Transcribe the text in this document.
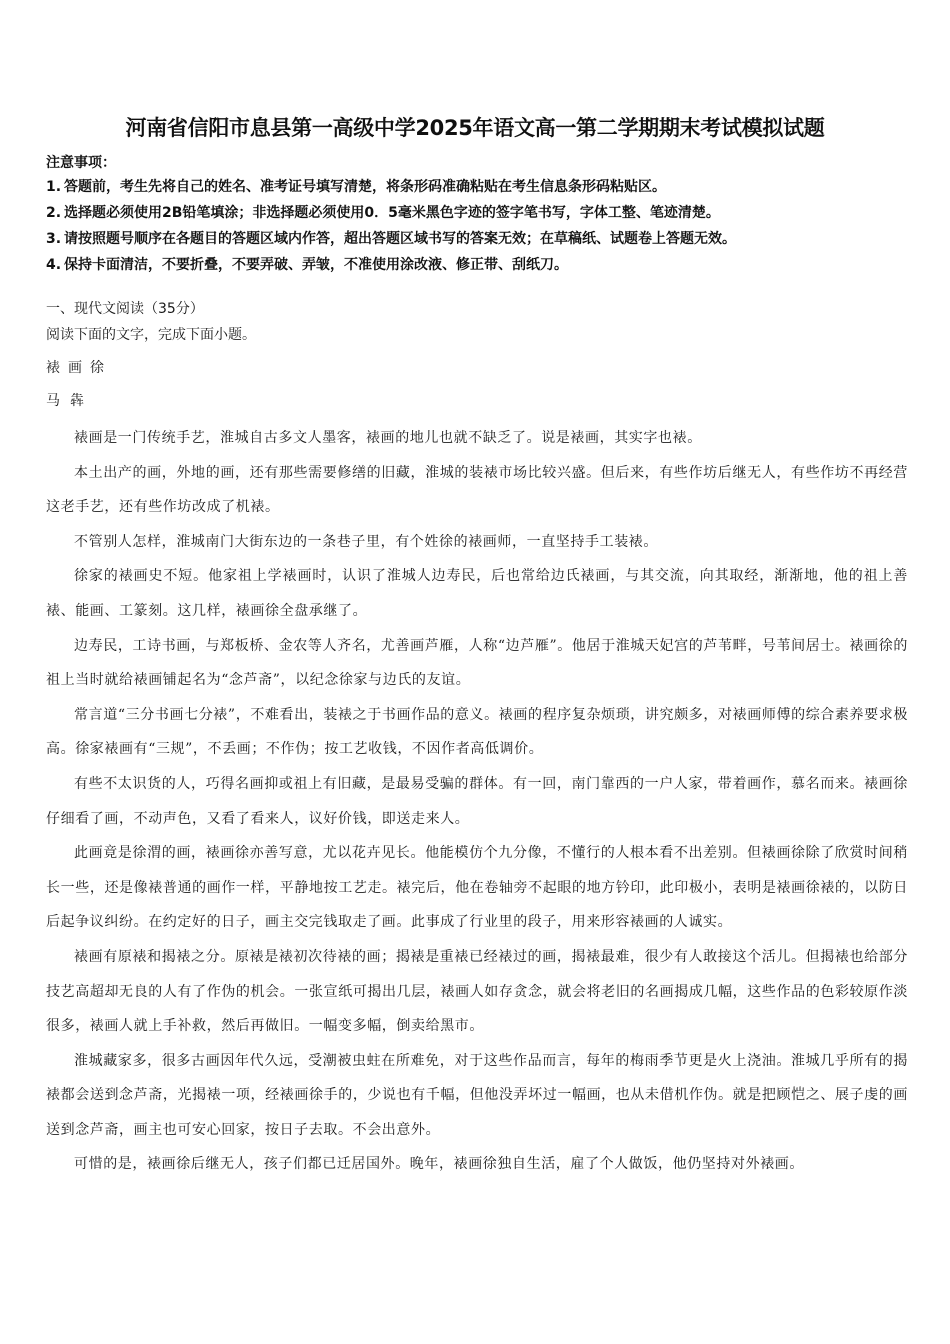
河南省信阳市息县第一高级中学2025年语文高一第二学期期末考试模拟试题
注意事项：
1. 答题前，考生先将自己的姓名、准考证号填写清楚，将条形码准确粘贴在考生信息条形码粘贴区。
2. 选择题必须使用2B铅笔填涂；非选择题必须使用0．5毫米黑色字迹的签字笔书写，字体工整、笔迹清楚。
3. 请按照题号顺序在各题目的答题区域内作答，超出答题区域书写的答案无效；在草稿纸、试题卷上答题无效。
4. 保持卡面清洁，不要折叠，不要弄破、弄皱，不准使用涂改液、修正带、刮纸刀。
一、现代文阅读（35分）
阅读下面的文字，完成下面小题。
裱画徐
马犇

裱画是一门传统手艺，淮城自古多文人墨客，裱画的地儿也就不缺乏了。说是裱画，其实字也裱。

本土出产的画，外地的画，还有那些需要修缮的旧藏，淮城的装裱市场比较兴盛。但后来，有些作坊后继无人，有些作坊不再经营这老手艺，还有些作坊改成了机裱。

不管别人怎样，淮城南门大街东边的一条巷子里，有个姓徐的裱画师，一直坚持手工装裱。

徐家的裱画史不短。他家祖上学裱画时，认识了淮城人边寿民，后也常给边氏裱画，与其交流，向其取经，渐渐地，他的祖上善裱、能画、工篆刻。这几样，裱画徐全盘承继了。

边寿民，工诗书画，与郑板桥、金农等人齐名，尤善画芦雁，人称“边芦雁”。他居于淮城天妃宫的芦苇畔，号苇间居士。裱画徐的祖上当时就给裱画铺起名为“念芦斋”，以纪念徐家与边氏的友谊。

常言道“三分书画七分裱”，不难看出，装裱之于书画作品的意义。裱画的程序复杂烦琐，讲究颇多，对裱画师傅的综合素养要求极高。徐家裱画有“三规”，不丢画；不作伪；按工艺收钱，不因作者高低调价。

有些不太识货的人，巧得名画抑或祖上有旧藏，是最易受骗的群体。有一回，南门靠西的一户人家，带着画作，慕名而来。裱画徐仔细看了画，不动声色，又看了看来人，议好价钱，即送走来人。

此画竟是徐渭的画，裱画徐亦善写意，尤以花卉见长。他能模仿个九分像，不懂行的人根本看不出差别。但裱画徐除了欣赏时间稍长一些，还是像裱普通的画作一样，平静地按工艺走。裱完后，他在卷轴旁不起眼的地方钤印，此印极小，表明是裱画徐裱的，以防日后起争议纠纷。在约定好的日子，画主交完钱取走了画。此事成了行业里的段子，用来形容裱画的人诚实。

裱画有原裱和揭裱之分。原裱是裱初次待裱的画；揭裱是重裱已经裱过的画，揭裱最难，很少有人敢接这个活儿。但揭裱也给部分技艺高超却无良的人有了作伪的机会。一张宣纸可揭出几层，裱画人如存贪念，就会将老旧的名画揭成几幅，这些作品的色彩较原作淡很多，裱画人就上手补救，然后再做旧。一幅变多幅，倒卖给黑市。

淮城藏家多，很多古画因年代久远，受潮被虫蛀在所难免，对于这些作品而言，每年的梅雨季节更是火上浇油。淮城几乎所有的揭裱都会送到念芦斋，光揭裱一项，经裱画徐手的，少说也有千幅，但他没弄坏过一幅画，也从未借机作伪。就是把顾恺之、展子虔的画送到念芦斋，画主也可安心回家，按日子去取。不会出意外。

可惜的是，裱画徐后继无人，孩子们都已迁居国外。晚年，裱画徐独自生活，雇了个人做饭，他仍坚持对外裱画。
